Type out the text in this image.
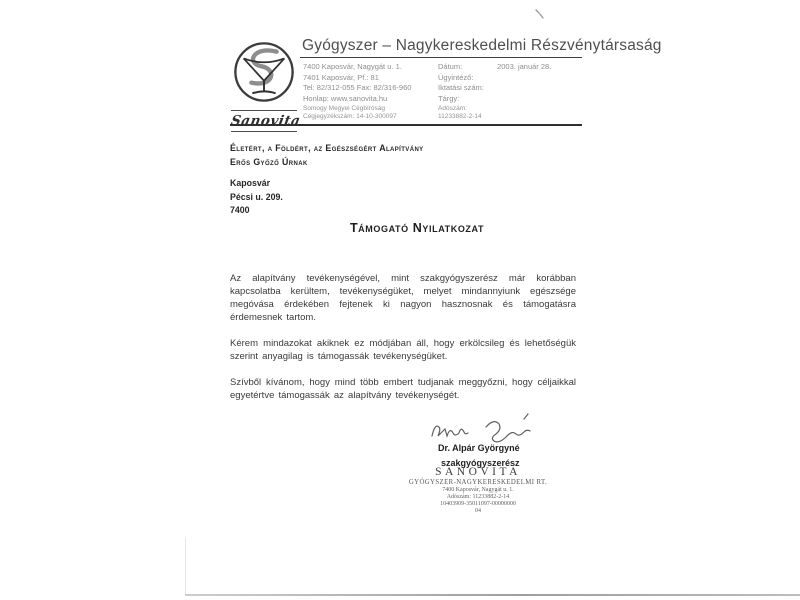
Sanovita
Gyógyszer – Nagykereskedelmi Részvénytársaság
7400 Kaposvár, Nagygát u. 1.
7401 Kaposvár, Pf.: 81
Tel: 82/312-055 Fax: 82/316-960
Honlap: www.sanovita.hu
Somogy Megyei Cégbíróság
Cégjegyzékszám: 14-10-300097
Dátum:	2003. január 28.
Ügyintéző:
Iktatási szám:
Tárgy:
Adószám:
11233882-2-14
Életért, a Földért, az Egészségért Alapítvány
Erős Győző Úrnak
Kaposvár
Pécsi u. 209.
7400
Támogató Nyilatkozat

Az alapítvány tevékenységével, mint szakgyógyszerész már korábban kapcsolatba kerültem, tevékenységüket, melyet mindannyiunk egészsége megóvása érdekében fejtenek ki nagyon hasznosnak és támogatásra érdemesnek tartom.

Kérem mindazokat akiknek ez módjában áll, hogy erkölcsileg és lehetőségük szerint anyagilag is támogassák tevékenységüket.

Szívből kívánom, hogy mind több embert tudjanak meggyőzni, hogy céljaikkal egyetértve támogassák az alapítvány tevékenységét.

Dr. Alpár Györgyné
szakgyógyszerész
SANOVITA
GYÓGYSZER-NAGYKERESKEDELMI RT.
7400 Kaposvár, Nagygát u. 1.
Adószám: 11233882-2-14
10403909-35011097-00000000
04
